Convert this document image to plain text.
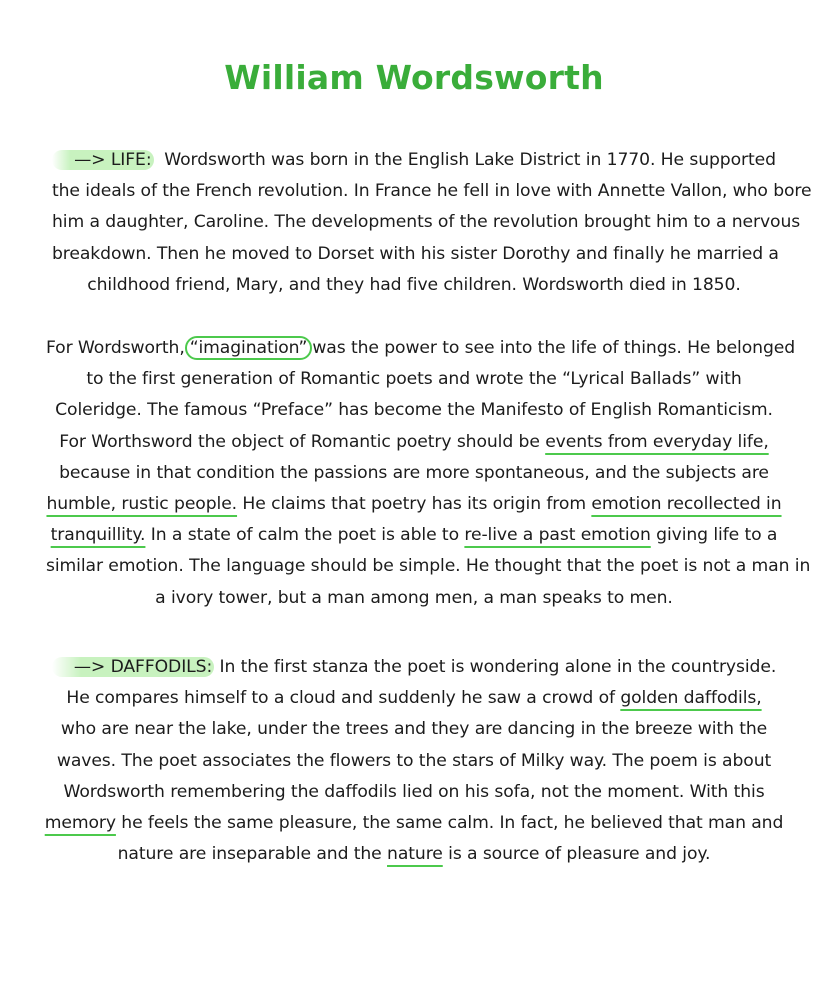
William Wordsworth
—> LIFE: Wordsworth was born in the English Lake District in 1770. He supported
the ideals of the French revolution. In France he fell in love with Annette Vallon, who bore
him a daughter, Caroline. The developments of the revolution brought him to a nervous
breakdown. Then he moved to Dorset with his sister Dorothy and finally he married a
childhood friend, Mary, and they had five children. Wordsworth died in 1850.
For Wordsworth, “imagination” was the power to see into the life of things. He belonged
to the first generation of Romantic poets and wrote the “Lyrical Ballads” with
Coleridge. The famous “Preface” has become the Manifesto of English Romanticism.
For Worthsword the object of Romantic poetry should be events from everyday life,
because in that condition the passions are more spontaneous, and the subjects are
humble, rustic people. He claims that poetry has its origin from emotion recollected in
tranquillity. In a state of calm the poet is able to re-live a past emotion giving life to a
similar emotion. The language should be simple. He thought that the poet is not a man in
a ivory tower, but a man among men, a man speaks to men.
—> DAFFODILS: In the first stanza the poet is wondering alone in the countryside.
He compares himself to a cloud and suddenly he saw a crowd of golden daffodils,
who are near the lake, under the trees and they are dancing in the breeze with the
waves. The poet associates the flowers to the stars of Milky way. The poem is about
Wordsworth remembering the daffodils lied on his sofa, not the moment. With this
memory he feels the same pleasure, the same calm. In fact, he believed that man and
nature are inseparable and the nature is a source of pleasure and joy.
